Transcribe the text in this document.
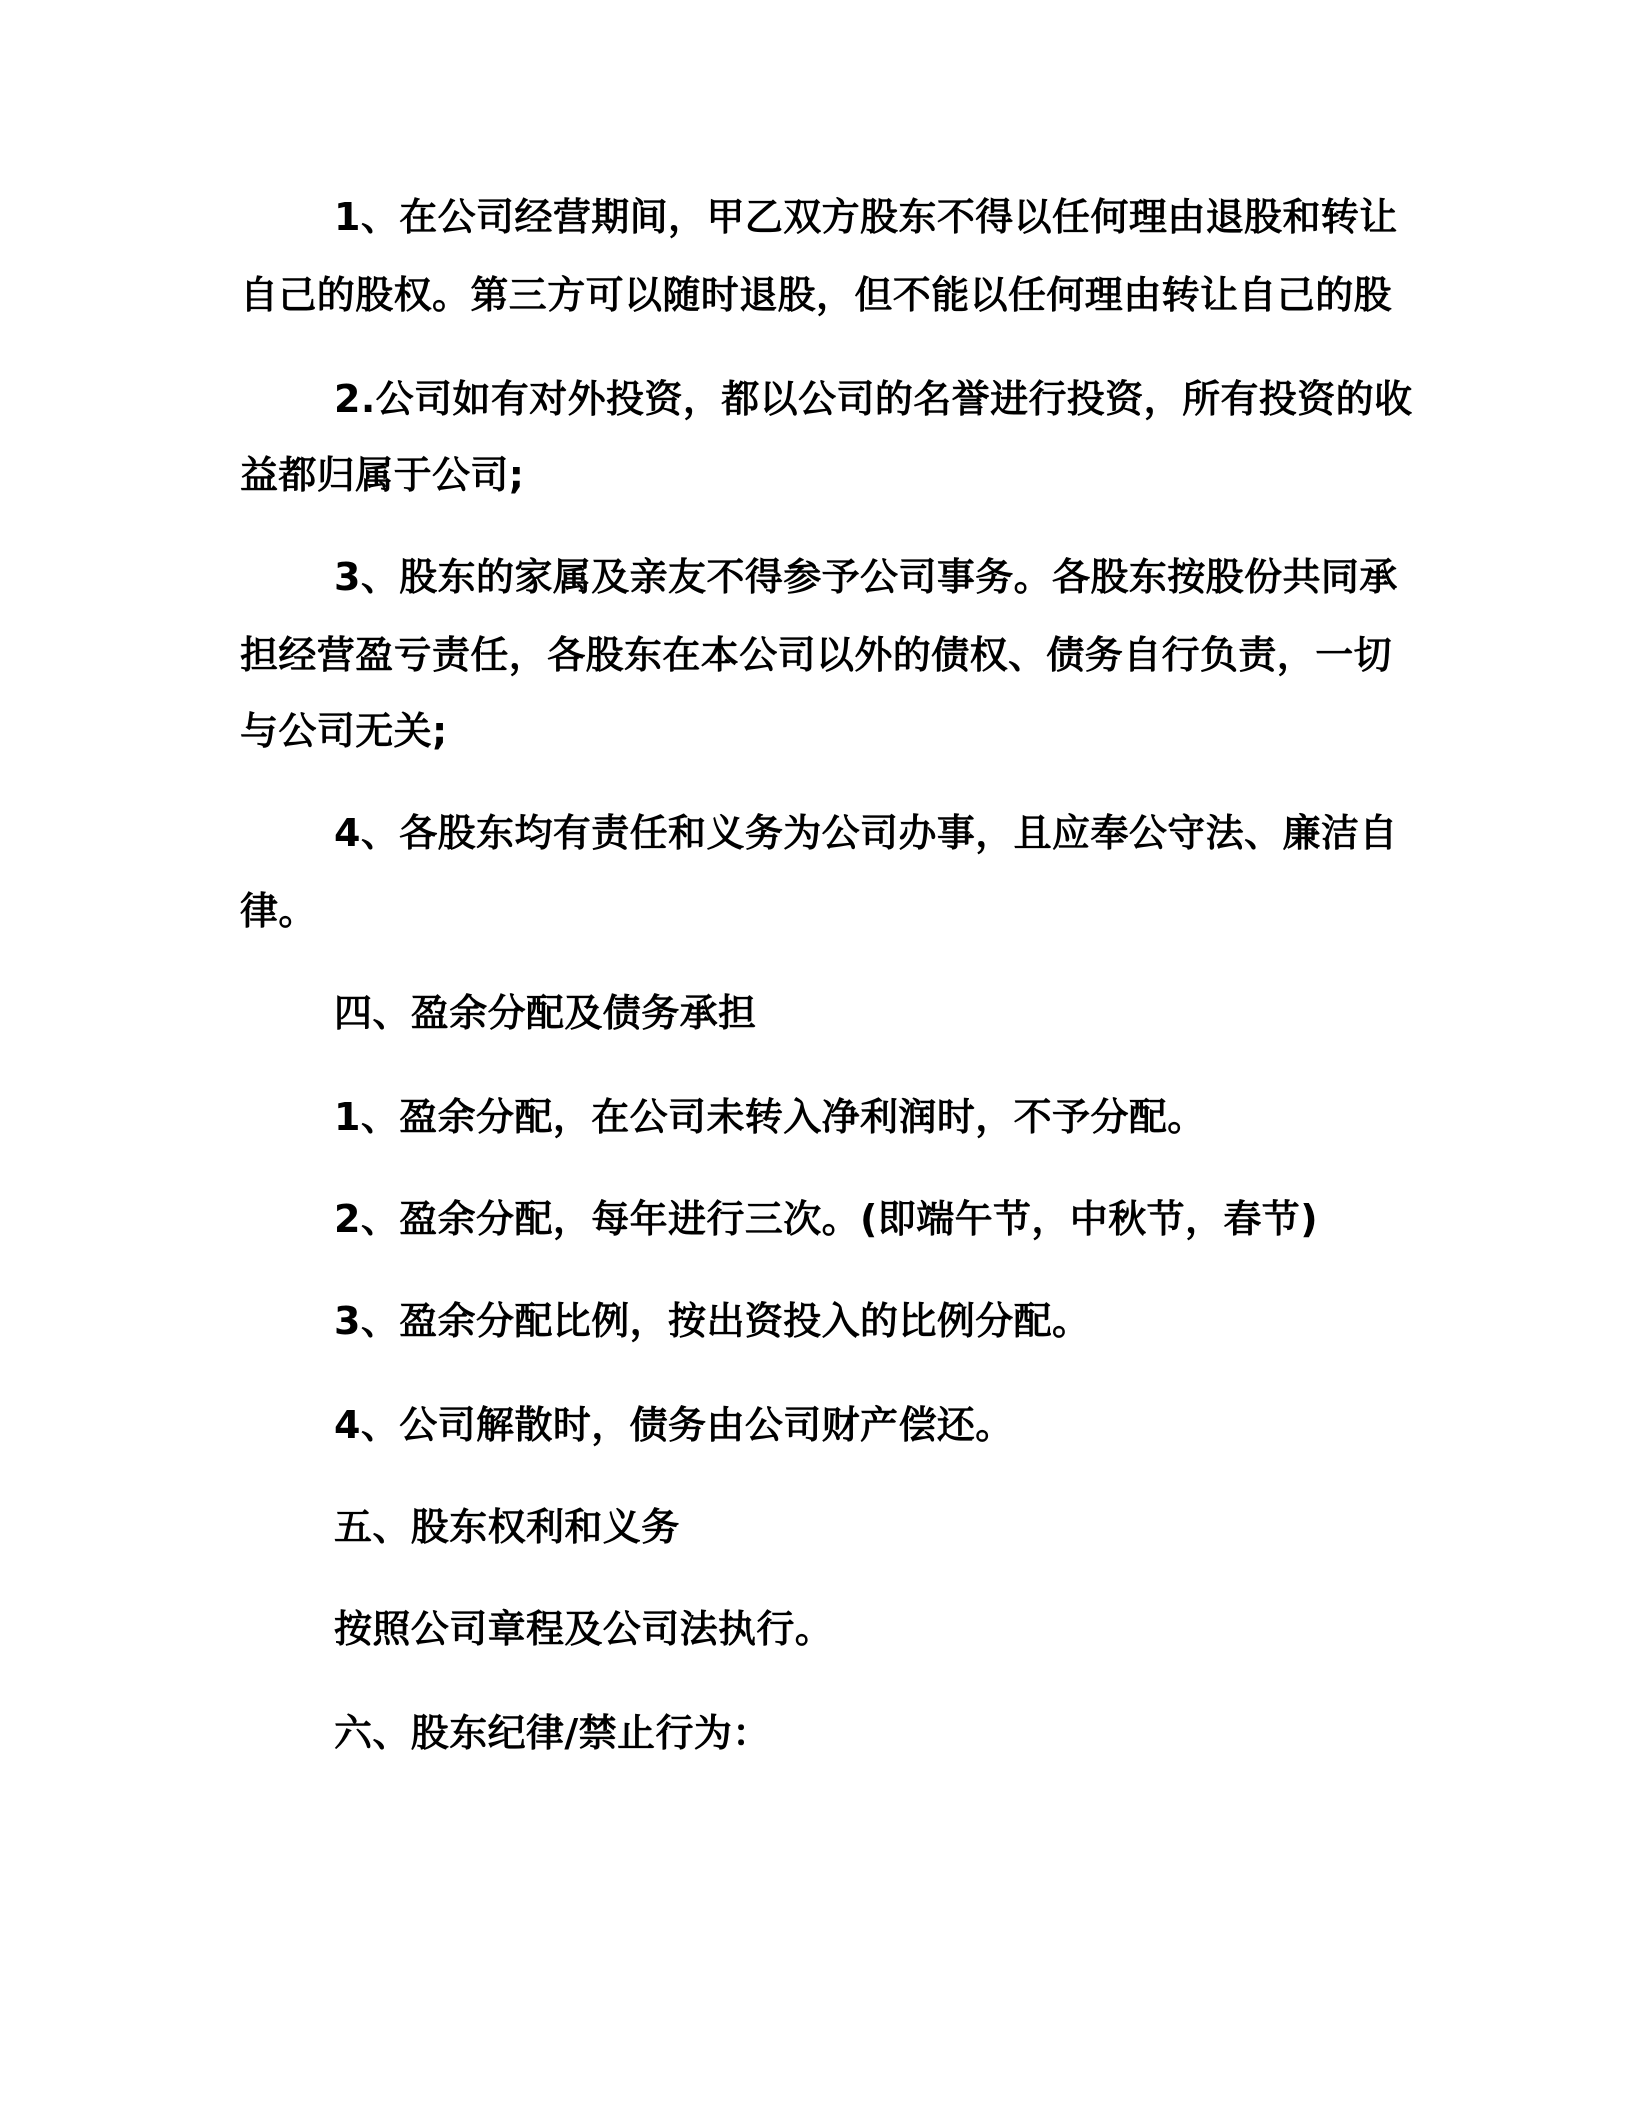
1、在公司经营期间，甲乙双方股东不得以任何理由退股和转让
自己的股权。第三方可以随时退股，但不能以任何理由转让自己的股
2.公司如有对外投资，都以公司的名誉进行投资，所有投资的收
益都归属于公司;
3、股东的家属及亲友不得参予公司事务。各股东按股份共同承
担经营盈亏责任，各股东在本公司以外的债权、债务自行负责，一切
与公司无关;
4、各股东均有责任和义务为公司办事，且应奉公守法、廉洁自
律。
四、盈余分配及债务承担
1、盈余分配，在公司未转入净利润时，不予分配。
2、盈余分配，每年进行三次。(即端午节，中秋节，春节)
3、盈余分配比例，按出资投入的比例分配。
4、公司解散时，债务由公司财产偿还。
五、股东权利和义务
按照公司章程及公司法执行。
六、股东纪律/禁止行为：
